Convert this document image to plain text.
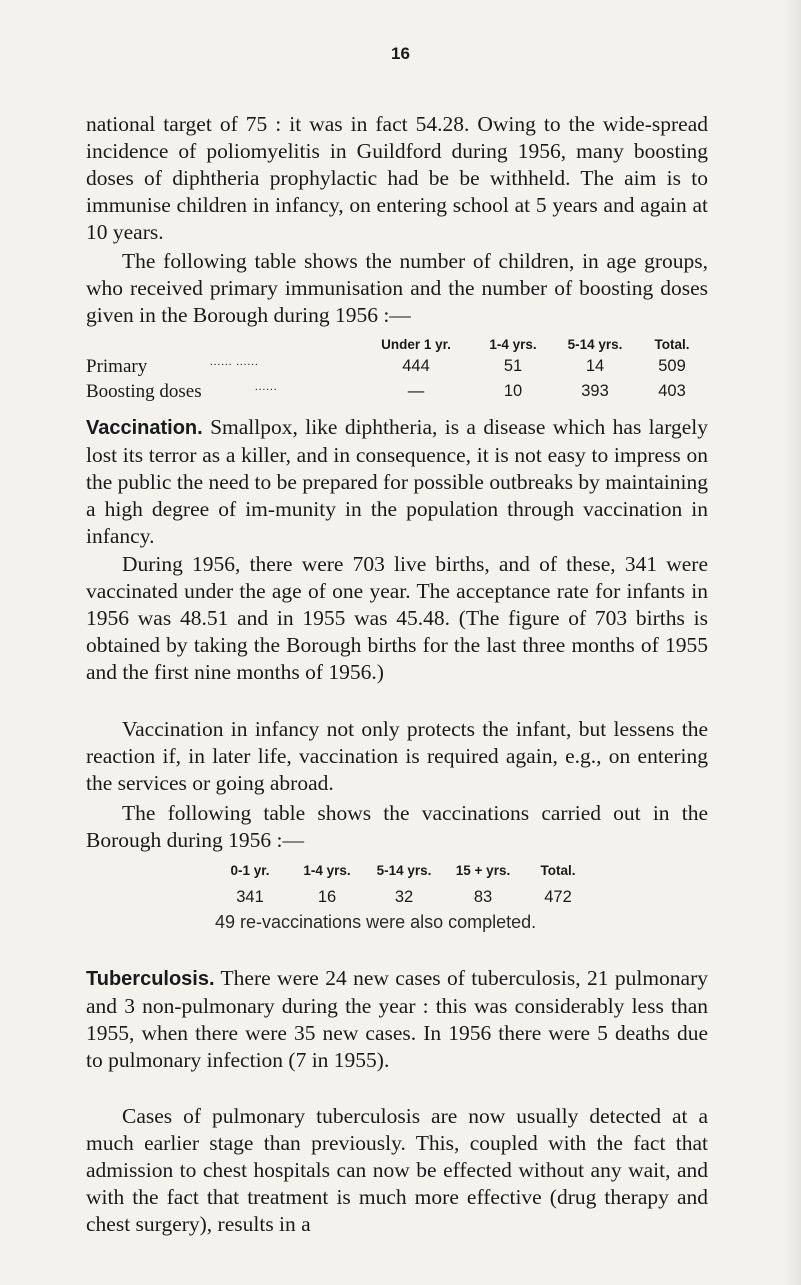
16

national target of 75 : it was in fact 54.28. Owing to the wide-spread incidence of poliomyelitis in Guildford during 1956, many boosting doses of diphtheria prophylactic had be be withheld. The aim is to immunise children in infancy, on entering school at 5 years and again at 10 years.

The following table shows the number of children, in age groups, who received primary immunisation and the number of boosting doses given in the Borough during 1956 :—

Under 1 yr.	1-4 yrs.	5-14 yrs.	Total.
Primary	...... ......	444	51	14	509
Boosting doses	......	—	10	393	403

Vaccination. Smallpox, like diphtheria, is a disease which has largely lost its terror as a killer, and in consequence, it is not easy to impress on the public the need to be prepared for possible outbreaks by maintaining a high degree of im-munity in the population through vaccination in infancy.

During 1956, there were 703 live births, and of these, 341 were vaccinated under the age of one year. The acceptance rate for infants in 1956 was 48.51 and in 1955 was 45.48. (The figure of 703 births is obtained by taking the Borough births for the last three months of 1955 and the first nine months of 1956.)

Vaccination in infancy not only protects the infant, but lessens the reaction if, in later life, vaccination is required again, e.g., on entering the services or going abroad.

The following table shows the vaccinations carried out in the Borough during 1956 :—

0-1 yr.	1-4 yrs.	5-14 yrs.	15 + yrs.	Total.
341	16	32	83	472
49 re-vaccinations were also completed.

Tuberculosis. There were 24 new cases of tuberculosis, 21 pulmonary and 3 non-pulmonary during the year : this was considerably less than 1955, when there were 35 new cases. In 1956 there were 5 deaths due to pulmonary infection (7 in 1955).

Cases of pulmonary tuberculosis are now usually detected at a much earlier stage than previously. This, coupled with the fact that admission to chest hospitals can now be effected without any wait, and with the fact that treatment is much more effective (drug therapy and chest surgery), results in a
